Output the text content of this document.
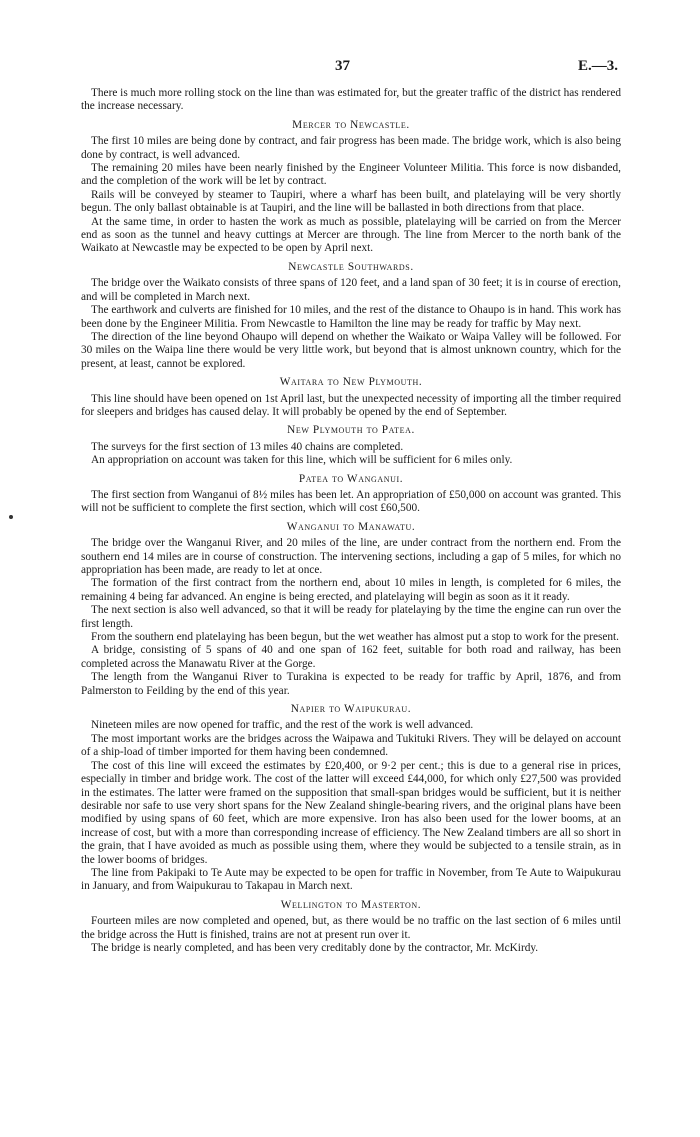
37	E.—3.

There is much more rolling stock on the line than was estimated for, but the greater traffic of the district has rendered the increase necessary.

Mercer to Newcastle.

The first 10 miles are being done by contract, and fair progress has been made. The bridge work, which is also being done by contract, is well advanced.

The remaining 20 miles have been nearly finished by the Engineer Volunteer Militia. This force is now disbanded, and the completion of the work will be let by contract.

Rails will be conveyed by steamer to Taupiri, where a wharf has been built, and platelaying will be very shortly begun. The only ballast obtainable is at Taupiri, and the line will be ballasted in both directions from that place.

At the same time, in order to hasten the work as much as possible, platelaying will be carried on from the Mercer end as soon as the tunnel and heavy cuttings at Mercer are through. The line from Mercer to the north bank of the Waikato at Newcastle may be expected to be open by April next.

Newcastle Southwards.

The bridge over the Waikato consists of three spans of 120 feet, and a land span of 30 feet; it is in course of erection, and will be completed in March next.

The earthwork and culverts are finished for 10 miles, and the rest of the distance to Ohaupo is in hand. This work has been done by the Engineer Militia. From Newcastle to Hamilton the line may be ready for traffic by May next.

The direction of the line beyond Ohaupo will depend on whether the Waikato or Waipa Valley will be followed. For 30 miles on the Waipa line there would be very little work, but beyond that is almost unknown country, which for the present, at least, cannot be explored.

Waitara to New Plymouth.

This line should have been opened on 1st April last, but the unexpected necessity of importing all the timber required for sleepers and bridges has caused delay. It will probably be opened by the end of September.

New Plymouth to Patea.

The surveys for the first section of 13 miles 40 chains are completed.

An appropriation on account was taken for this line, which will be sufficient for 6 miles only.

Patea to Wanganui.

The first section from Wanganui of 8½ miles has been let. An appropriation of £50,000 on account was granted. This will not be sufficient to complete the first section, which will cost £60,500.

Wanganui to Manawatu.

The bridge over the Wanganui River, and 20 miles of the line, are under contract from the northern end. From the southern end 14 miles are in course of construction. The intervening sections, including a gap of 5 miles, for which no appropriation has been made, are ready to let at once.

The formation of the first contract from the northern end, about 10 miles in length, is completed for 6 miles, the remaining 4 being far advanced. An engine is being erected, and platelaying will begin as soon as it it ready.

The next section is also well advanced, so that it will be ready for platelaying by the time the engine can run over the first length.

From the southern end platelaying has been begun, but the wet weather has almost put a stop to work for the present.

A bridge, consisting of 5 spans of 40 and one span of 162 feet, suitable for both road and railway, has been completed across the Manawatu River at the Gorge.

The length from the Wanganui River to Turakina is expected to be ready for traffic by April, 1876, and from Palmerston to Feilding by the end of this year.

Napier to Waipukurau.

Nineteen miles are now opened for traffic, and the rest of the work is well advanced.

The most important works are the bridges across the Waipawa and Tukituki Rivers. They will be delayed on account of a ship-load of timber imported for them having been condemned.

The cost of this line will exceed the estimates by £20,400, or 9·2 per cent.; this is due to a general rise in prices, especially in timber and bridge work. The cost of the latter will exceed £44,000, for which only £27,500 was provided in the estimates. The latter were framed on the supposition that small-span bridges would be sufficient, but it is neither desirable nor safe to use very short spans for the New Zealand shingle-bearing rivers, and the original plans have been modified by using spans of 60 feet, which are more expensive. Iron has also been used for the lower booms, at an increase of cost, but with a more than corresponding increase of efficiency. The New Zealand timbers are all so short in the grain, that I have avoided as much as possible using them, where they would be subjected to a tensile strain, as in the lower booms of bridges.

The line from Pakipaki to Te Aute may be expected to be open for traffic in November, from Te Aute to Waipukurau in January, and from Waipukurau to Takapau in March next.

Wellington to Masterton.

Fourteen miles are now completed and opened, but, as there would be no traffic on the last section of 6 miles until the bridge across the Hutt is finished, trains are not at present run over it.

The bridge is nearly completed, and has been very creditably done by the contractor, Mr. McKirdy.
